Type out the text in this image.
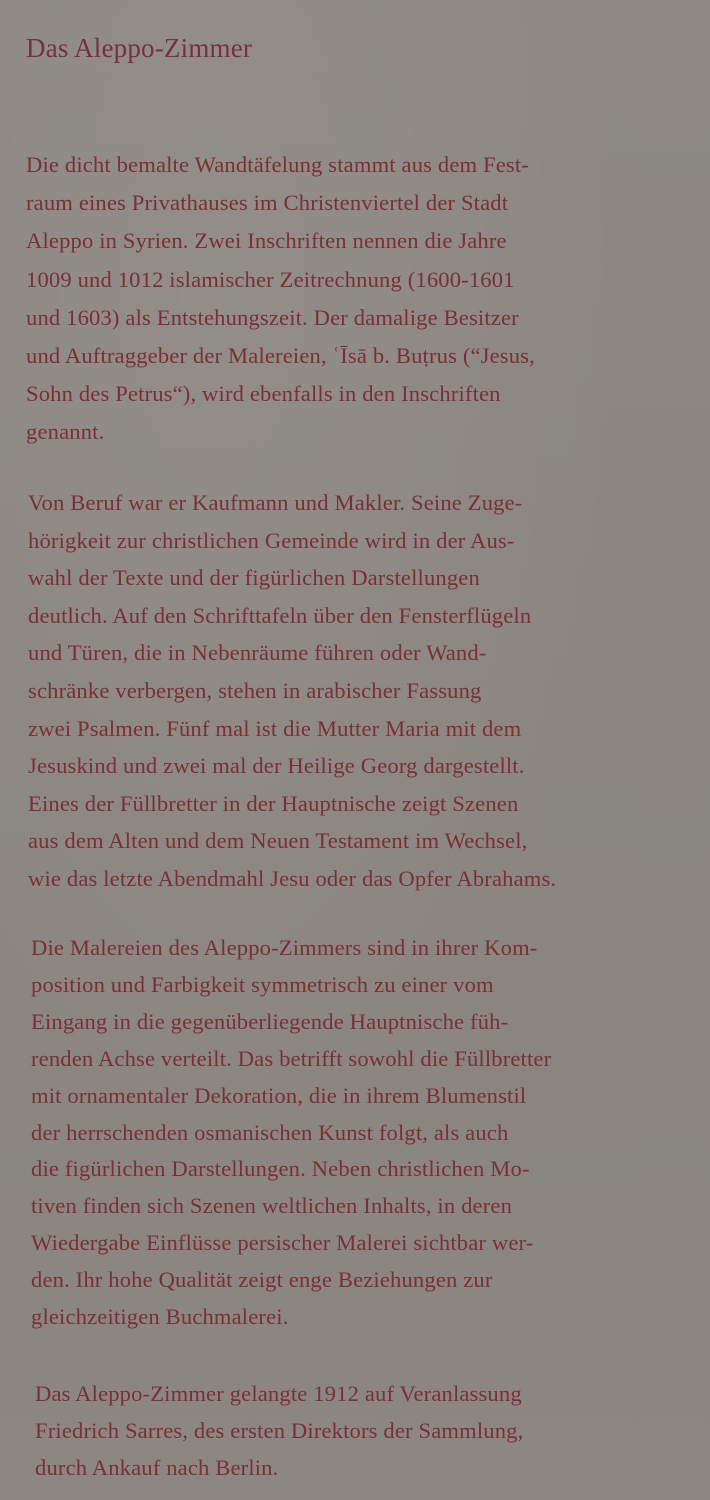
Das Aleppo-Zimmer
Die dicht bemalte Wandtäfelung stammt aus dem Fest-
raum eines Privathauses im Christenviertel der Stadt
Aleppo in Syrien. Zwei Inschriften nennen die Jahre
1009 und 1012 islamischer Zeitrechnung (1600-1601
und 1603) als Entstehungszeit. Der damalige Besitzer
und Auftraggeber der Malereien, ʿĪsā b. Buṭrus (“Jesus,
Sohn des Petrus“), wird ebenfalls in den Inschriften
genannt.
Von Beruf war er Kaufmann und Makler. Seine Zuge-
hörigkeit zur christlichen Gemeinde wird in der Aus-
wahl der Texte und der figürlichen Darstellungen
deutlich. Auf den Schrifttafeln über den Fensterflügeln
und Türen, die in Nebenräume führen oder Wand-
schränke verbergen, stehen in arabischer Fassung
zwei Psalmen. Fünf mal ist die Mutter Maria mit dem
Jesuskind und zwei mal der Heilige Georg dargestellt.
Eines der Füllbretter in der Hauptnische zeigt Szenen
aus dem Alten und dem Neuen Testament im Wechsel,
wie das letzte Abendmahl Jesu oder das Opfer Abrahams.
Die Malereien des Aleppo-Zimmers sind in ihrer Kom-
position und Farbigkeit symmetrisch zu einer vom
Eingang in die gegenüberliegende Hauptnische füh-
renden Achse verteilt. Das betrifft sowohl die Füllbretter
mit ornamentaler Dekoration, die in ihrem Blumenstil
der herrschenden osmanischen Kunst folgt, als auch
die figürlichen Darstellungen. Neben christlichen Mo-
tiven finden sich Szenen weltlichen Inhalts, in deren
Wiedergabe Einflüsse persischer Malerei sichtbar wer-
den. Ihr hohe Qualität zeigt enge Beziehungen zur
gleichzeitigen Buchmalerei.
Das Aleppo-Zimmer gelangte 1912 auf Veranlassung
Friedrich Sarres, des ersten Direktors der Sammlung,
durch Ankauf nach Berlin.
